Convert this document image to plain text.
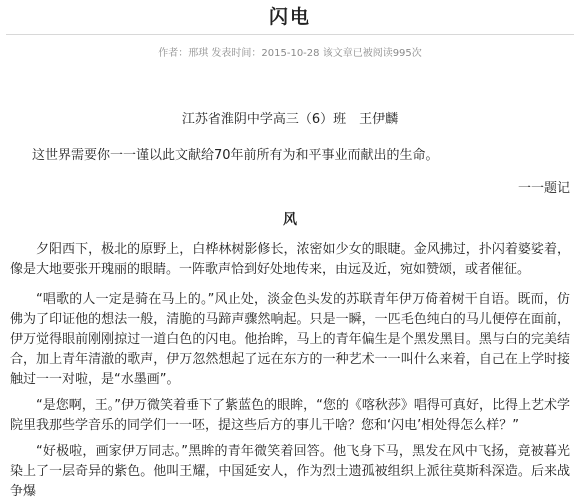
闪电
作者：邢琪 发表时间：2015-10-28 该文章已被阅读995次
江苏省淮阴中学高三（6）班　王伊麟
这世界需要你一一谨以此文献给70年前所有为和平事业而献出的生命。
一一题记
风

夕阳西下，极北的原野上，白桦林树影修长，浓密如少女的眼睫。金风拂过，扑闪着婆娑着，像是大地要张开瑰丽的眼睛。一阵歌声恰到好处地传来，由远及近，宛如赞颂，或者催征。

“唱歌的人一定是骑在马上的。”风止处，淡金色头发的苏联青年伊万倚着树干自语。既而，仿佛为了印证他的想法一般，清脆的马蹄声骤然响起。只是一瞬，一匹毛色纯白的马儿便停在面前，伊万觉得眼前刚刚掠过一道白色的闪电。他抬眸，马上的青年偏生是个黑发黑目。黑与白的完美结合，加上青年清澈的歌声，伊万忽然想起了远在东方的一种艺术一一叫什么来着，自己在上学时接触过一一对啦，是“水墨画”。

“是您啊，王。”伊万微笑着垂下了紫蓝色的眼眸，“您的《喀秋莎》唱得可真好，比得上艺术学院里我那些学音乐的同学们一一呸，提这些后方的事儿干啥？您和‘闪电’相处得怎么样？”

“好极啦，画家伊万同志。”黑眸的青年微笑着回答。他飞身下马，黑发在风中飞扬，竟被暮光染上了一层奇异的紫色。他叫王耀，中国延安人，作为烈士遗孤被组织上派往莫斯科深造。后来战争爆
